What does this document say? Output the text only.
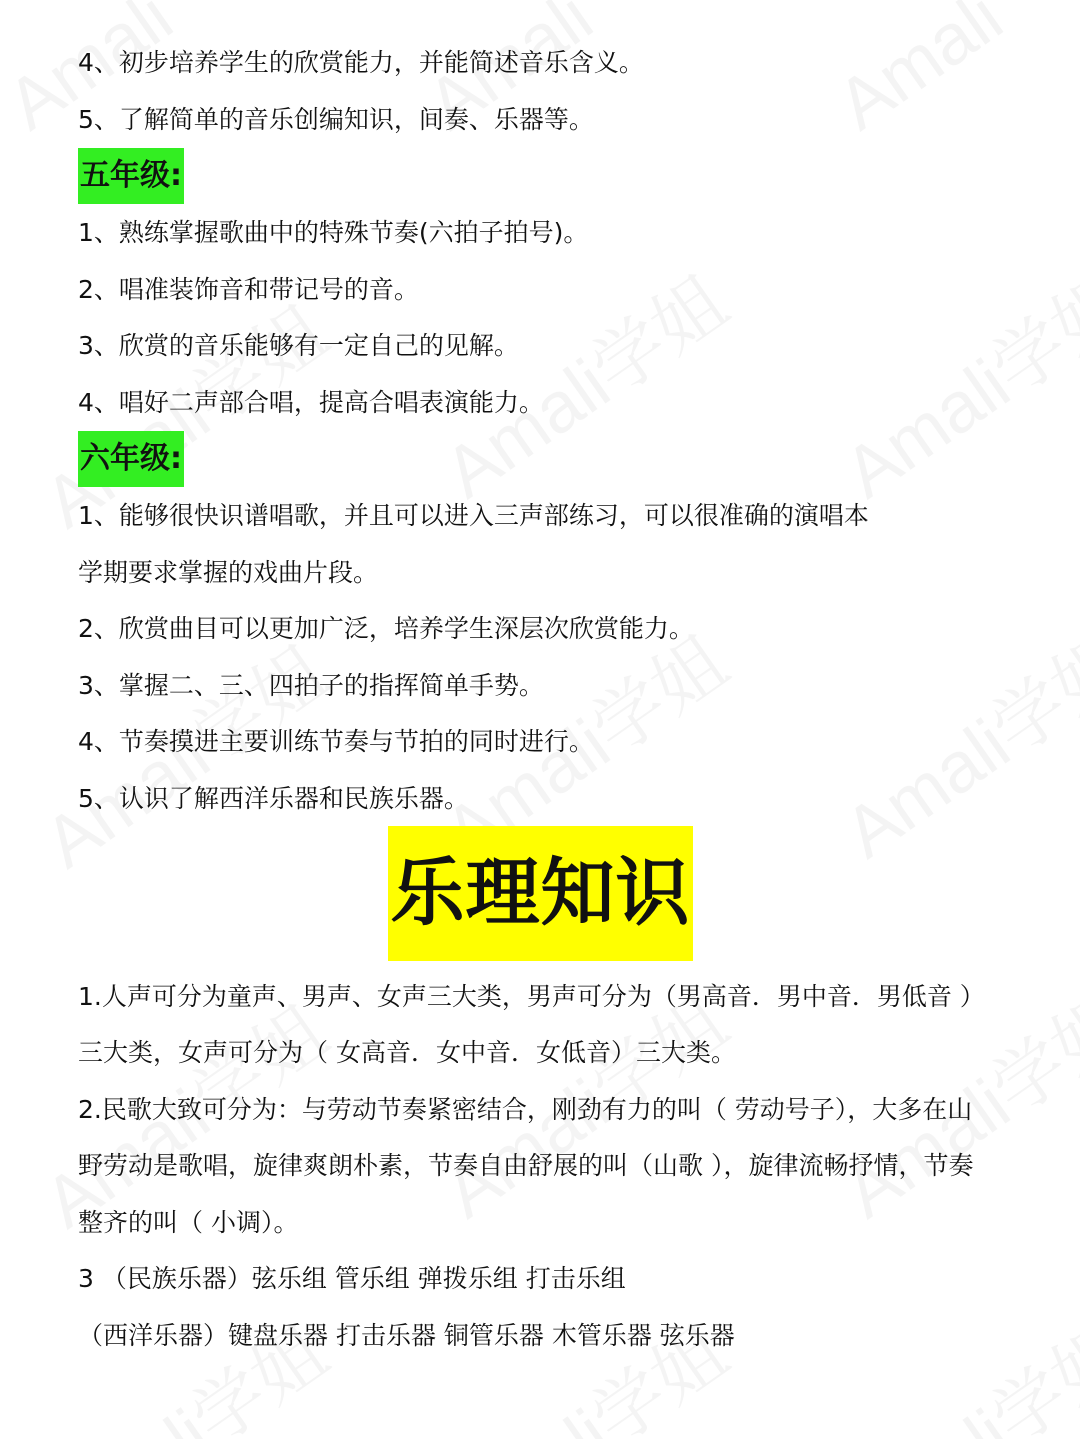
4、初步培养学生的欣赏能力，并能简述音乐含义。
5、了解简单的音乐创编知识，间奏、乐器等。
五年级:
1、熟练掌握歌曲中的特殊节奏(六拍子拍号)。
2、唱准装饰音和带记号的音。
3、欣赏的音乐能够有一定自己的见解。
4、唱好二声部合唱，提高合唱表演能力。
六年级:
1、能够很快识谱唱歌，并且可以进入三声部练习，可以很准确的演唱本
学期要求掌握的戏曲片段。
2、欣赏曲目可以更加广泛，培养学生深层次欣赏能力。
3、掌握二、三、四拍子的指挥简单手势。
4、节奏摸进主要训练节奏与节拍的同时进行。
5、认识了解西洋乐器和民族乐器。
乐理知识
1.人声可分为童声、男声、女声三大类，男声可分为（男高音．男中音．男低音 ）
三大类，女声可分为（ 女高音．女中音．女低音）三大类。
2.民歌大致可分为：与劳动节奏紧密结合，刚劲有力的叫（ 劳动号子），大多在山
野劳动是歌唱，旋律爽朗朴素，节奏自由舒展的叫（山歌 ），旋律流畅抒情，节奏
整齐的叫（ 小调）。
3 （民族乐器）弦乐组 管乐组 弹拨乐组 打击乐组
（西洋乐器）键盘乐器 打击乐器 铜管乐器 木管乐器 弦乐器
